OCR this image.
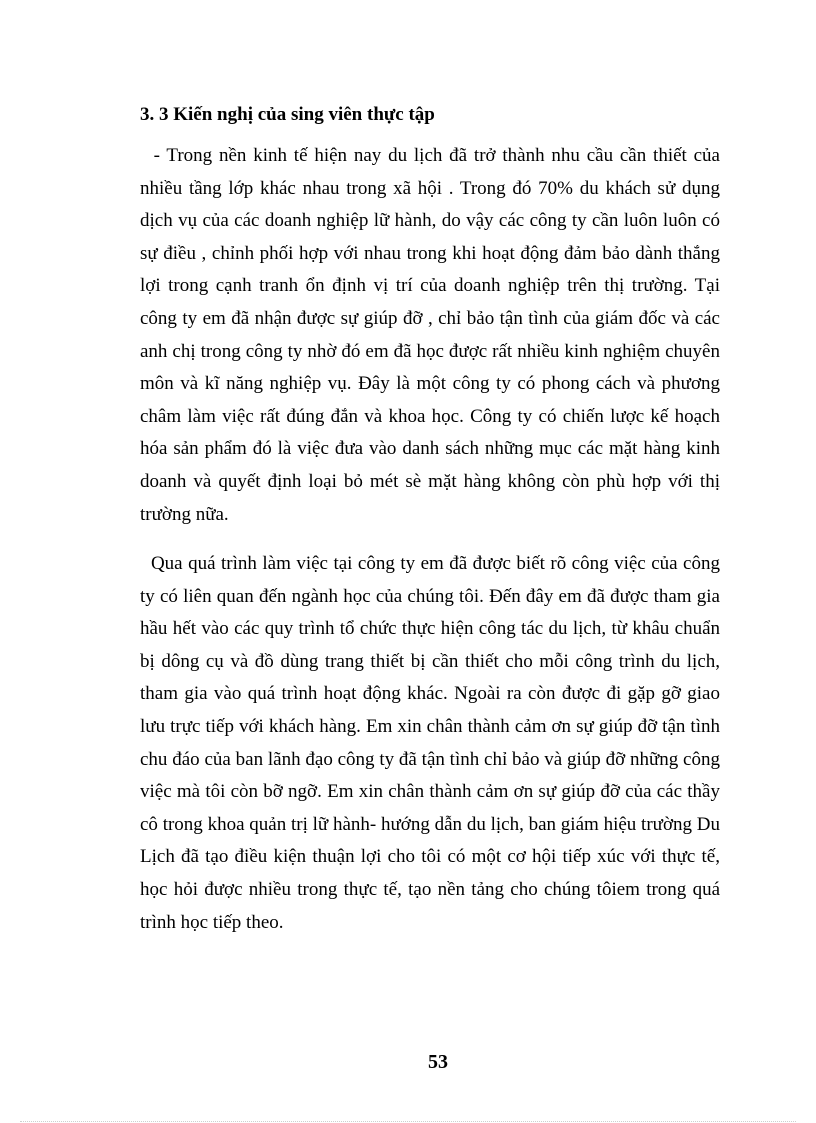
3. 3 Kiến nghị của sing viên thực tập

- Trong nền kinh tế hiện nay du lịch đã trở thành nhu cầu cần thiết của nhiều tầng lớp khác nhau trong xã hội . Trong đó 70% du khách sử dụng dịch vụ của các doanh nghiệp lữ hành, do vậy các công ty cần luôn luôn có sự điều , chỉnh phối hợp với nhau trong khi hoạt động đảm bảo dành thắng lợi trong cạnh tranh ổn định vị trí của doanh nghiệp trên thị trường. Tại công ty em đã nhận được sự giúp đỡ , chỉ bảo tận tình của giám đốc và các anh chị trong công ty nhờ đó em đã học được rất nhiều kinh nghiệm chuyên môn và kĩ năng nghiệp vụ. Đây là một công ty có phong cách và phương châm làm việc rất đúng đắn và khoa học. Công ty có chiến lược kế hoạch hóa sản phẩm đó là việc đưa vào danh sách những mục các mặt hàng kinh doanh và quyết định loại bỏ mét sè mặt hàng không còn phù hợp với thị trường nữa.

Qua quá trình làm việc tại công ty em đã được biết rõ công việc của công ty có liên quan đến ngành học của chúng tôi. Đến đây em đã được tham gia hầu hết vào các quy trình tổ chức thực hiện công tác du lịch, từ khâu chuẩn bị dông cụ và đồ dùng trang thiết bị cần thiết cho mỗi công trình du lịch, tham gia vào quá trình hoạt động khác. Ngoài ra còn được đi gặp gỡ giao lưu trực tiếp với khách hàng. Em xin chân thành cảm ơn sự giúp đỡ tận tình chu đáo của ban lãnh đạo công ty đã tận tình chỉ bảo và giúp đỡ những công việc mà tôi còn bỡ ngỡ. Em xin chân thành cảm ơn sự giúp đỡ của các thầy cô trong khoa quản trị lữ hành- hướng dẫn du lịch, ban giám hiệu trường Du Lịch đã tạo điều kiện thuận lợi cho tôi có một cơ hội tiếp xúc với thực tế, học hỏi được nhiều trong thực tế, tạo nền tảng cho chúng tôiem trong quá trình học tiếp theo.

53
